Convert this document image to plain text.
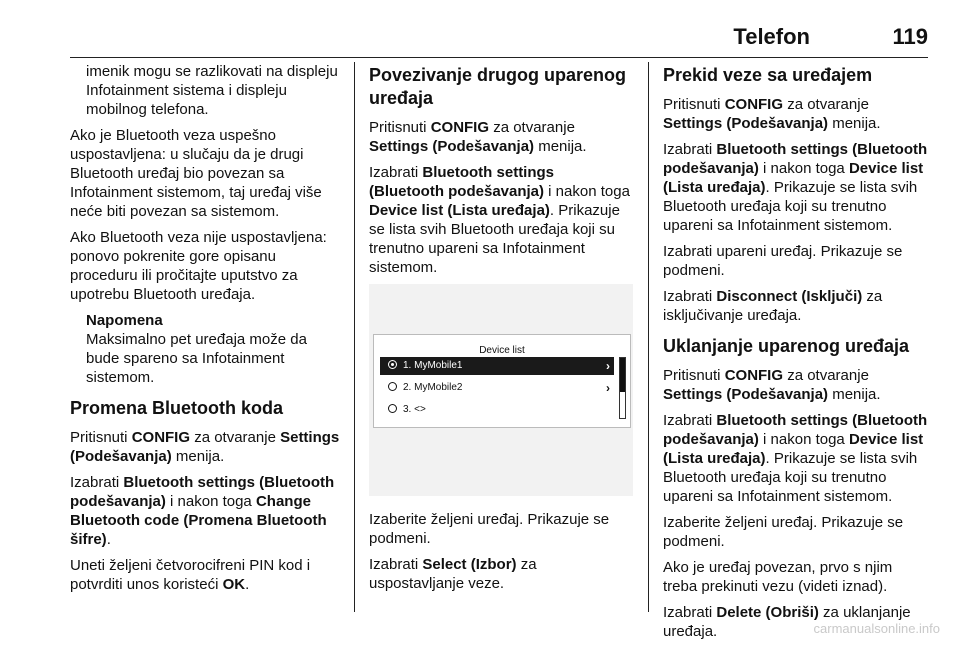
Telefon	119

imenik mogu se razlikovati na displeju Infotainment sistema i displeju mobilnog telefona.

Ako je Bluetooth veza uspešno uspostavljena: u slučaju da je drugi Bluetooth uređaj bio povezan sa Infotainment sistemom, taj uređaj više neće biti povezan sa sistemom.

Ako Bluetooth veza nije uspostavljena: ponovo pokrenite gore opisanu proceduru ili pročitajte uputstvo za upotrebu Bluetooth uređaja.

Napomena
Maksimalno pet uređaja može da bude spareno sa Infotainment sistemom.
Promena Bluetooth koda

Pritisnuti CONFIG za otvaranje Settings (Podešavanja) menija.

Izabrati Bluetooth settings (Bluetooth podešavanja) i nakon toga Change Bluetooth code (Promena Bluetooth šifre).

Uneti željeni četvorocifreni PIN kod i potvrditi unos koristeći OK.

Povezivanje drugog uparenog uređaja

Pritisnuti CONFIG za otvaranje Settings (Podešavanja) menija.

Izabrati Bluetooth settings (Bluetooth podešavanja) i nakon toga Device list (Lista uređaja). Prikazuje se lista svih Bluetooth uređaja koji su trenutno upareni sa Infotainment sistemom.

Device list
1. MyMobile1	›
2. MyMobile2	›
3. <>

Izaberite željeni uređaj. Prikazuje se podmeni.

Izabrati Select (Izbor) za uspostavljanje veze.

Prekid veze sa uređajem

Pritisnuti CONFIG za otvaranje Settings (Podešavanja) menija.

Izabrati Bluetooth settings (Bluetooth podešavanja) i nakon toga Device list (Lista uređaja). Prikazuje se lista svih Bluetooth uređaja koji su trenutno upareni sa Infotainment sistemom.

Izabrati upareni uređaj. Prikazuje se podmeni.

Izabrati Disconnect (Isključi) za isključivanje uređaja.

Uklanjanje uparenog uređaja

Pritisnuti CONFIG za otvaranje Settings (Podešavanja) menija.

Izabrati Bluetooth settings (Bluetooth podešavanja) i nakon toga Device list (Lista uređaja). Prikazuje se lista svih Bluetooth uređaja koji su trenutno upareni sa Infotainment sistemom.

Izaberite željeni uređaj. Prikazuje se podmeni.

Ako je uređaj povezan, prvo s njim treba prekinuti vezu (videti iznad).

Izabrati Delete (Obriši) za uklanjanje uređaja.	carmanualsonline.info
